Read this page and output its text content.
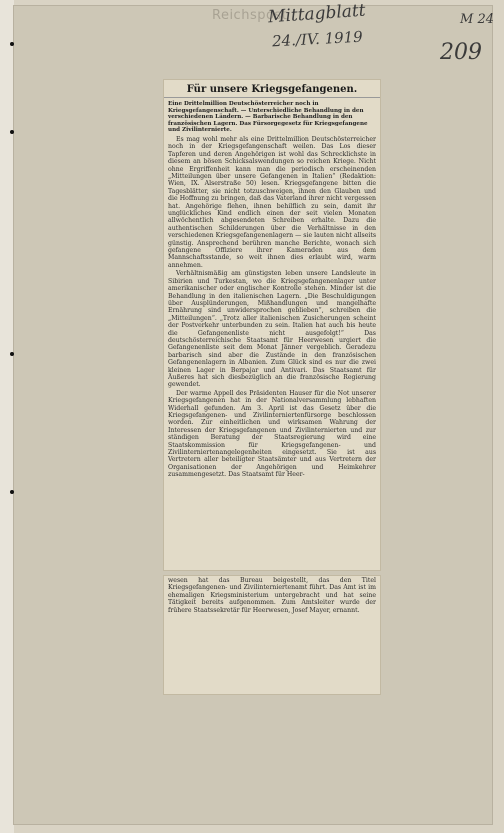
Reichspost
Mittagblatt
24./IV. 1919
M 24
209
Für unsere Kriegsgefangenen.
Eine Drittelmillion Deutschösterreicher noch in Kriegsgefangenschaft. — Unterschiedliche Behandlung in den verschiedenen Ländern. — Barbarische Behandlung in den französischen Lagern. Das Fürsorgegesetz für Kriegsgefangene und Zivilinternierte.

Es mag wohl mehr als eine Drittelmillion Deutschösterreicher noch in der Kriegsgefangenschaft weilen. Das Los dieser Tapferen und deren Angehörigen ist wohl das Schrecklichste in diesem an bösen Schicksalswendungen so reichen Kriege. Nicht ohne Ergriffenheit kann man die periodisch erscheinenden „Mitteilungen über unsere Gefangenen in Italien“ (Redaktion: Wien, IX. Alserstraße 50) lesen. Kriegsgefangene bitten die Tagesblätter, sie nicht totzuschweigen, ihnen den Glauben und die Hoffnung zu bringen, daß das Vaterland ihrer nicht vergessen hat. Angehörige flehen, ihnen behilflich zu sein, damit ihr unglückliches Kind endlich einen der seit vielen Monaten allwöchentlich abgesendeten Schreiben erhalte. Dazu die authentischen Schilderungen über die Verhältnisse in den verschiedenen Kriegsgefangenenlagern — sie lauten nicht allseits günstig. Ansprechend berühren manche Berichte, wonach sich gefangene Offiziere ihrer Kameraden aus dem Mannschaftsstande, so weit ihnen dies erlaubt wird, warm annehmen.

Verhältnismäßig am günstigsten leben unsere Landsleute in Sibirien und Turkestan, wo die Kriegsgefangenenlager unter amerikanischer oder englischer Kontrolle stehen. Minder ist die Behandlung in den italienischen Lagern. „Die Beschuldigungen über Ausplünderungen, Mißhandlungen und mangelhafte Ernährung sind unwidersprochen geblieben“, schreiben die „Mitteilungen“. „Trotz aller italienischen Zusicherungen scheint der Postverkehr unterbunden zu sein. Italien hat auch bis heute die Gefangenenliste nicht ausgefolgt!“ Das deutschösterreichische Staatsamt für Heerwesen urgiert die Gefangenenliste seit dem Monat Jänner vergeblich. Geradezu barbarisch sind aber die Zustände in den französischen Gefangenenlagern in Albanien. Zum Glück sind es nur die zwei kleinen Lager in Berpajar und Antivari. Das Staatsamt für Äußeres hat sich diesbezüglich an die französische Regierung gewendet.

Der warme Appell des Präsidenten Hauser für die Not unserer Kriegsgefangenen hat in der Nationalversammlung lebhaften Widerhall gefunden. Am 3. April ist das Gesetz über die Kriegsgefangenen- und Zivilinterniertenfürsorge beschlossen worden. Zur einheitlichen und wirksamen Wahrung der Interessen der Kriegsgefangenen und Zivilinternierten und zur ständigen Beratung der Staatsregierung wird eine Staatskommission für Kriegsgefangenen- und Zivilinterniertenangelegenheiten eingesetzt. Sie ist aus Vertretern aller beteiligter Staatsämter und aus Vertretern der Organisationen der Angehörigen und Heimkehrer zusammengesetzt. Das Staatsamt für Heer-

wesen hat das Bureau beigestellt, das den Titel Kriegsgefangenen- und Zivilinterniertenamt führt. Das Amt ist im ehemaligen Kriegsministerium untergebracht und hat seine Tätigkeit bereits aufgenommen. Zum Amtsleiter wurde der frühere Staatssekretär für Heerwesen, Josef Mayer, ernannt.
